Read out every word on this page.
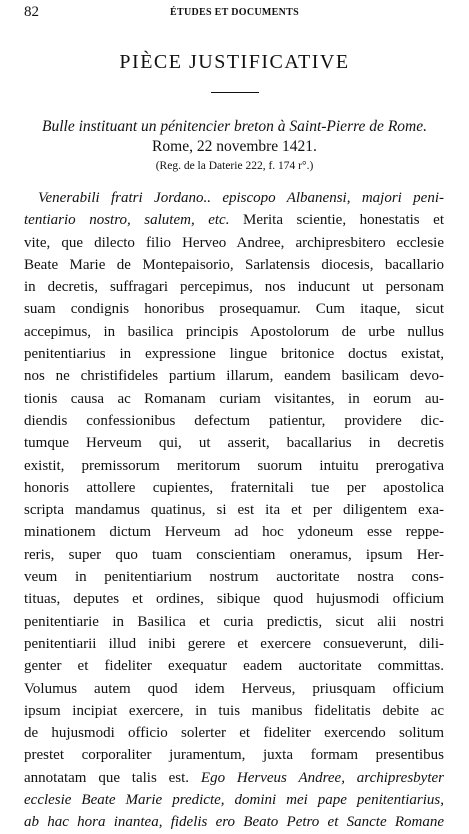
82	ÉTUDES ET DOCUMENTS
PIÈCE JUSTIFICATIVE
Bulle instituant un pénitencier breton à Saint-Pierre de Rome.
Rome, 22 novembre 1421.
(Reg. de la Daterie 222, f. 174 r°.)
Venerabili fratri Jordano.. episcopo Albanensi, majori peni-
tentiario nostro, salutem, etc. Merita scientie, honestatis et
vite, que dilecto filio Herveo Andree, archipresbitero ecclesie
Beate Marie de Montepaisorio, Sarlatensis diocesis, bacallario
in decretis, suffragari percepimus, nos inducunt ut personam
suam condignis honoribus prosequamur. Cum itaque, sicut
accepimus, in basilica principis Apostolorum de urbe nullus
penitentiarius in expressione lingue britonice doctus existat,
nos ne christifideles partium illarum, eandem basilicam devo-
tionis causa ac Romanam curiam visitantes, in eorum au-
diendis confessionibus defectum patientur, providere dic-
tumque Herveum qui, ut asserit, bacallarius in decretis
existit, premissorum meritorum suorum intuitu prerogativa
honoris attollere cupientes, fraternitali tue per apostolica
scripta mandamus quatinus, si est ita et per diligentem exa-
minationem dictum Herveum ad hoc ydoneum esse reppe-
reris, super quo tuam conscientiam oneramus, ipsum Her-
veum in penitentiarium nostrum auctoritate nostra cons-
tituas, deputes et ordines, sibique quod hujusmodi officium
penitentiarie in Basilica et curia predictis, sicut alii nostri
penitentiarii illud inibi gerere et exercere consueverunt, dili-
genter et fideliter exequatur eadem auctoritate committas.
Volumus autem quod idem Herveus, priusquam officium
ipsum incipiat exercere, in tuis manibus fidelitatis debite ac
de hujusmodi officio solerter et fideliter exercendo solitum
prestet corporaliter juramentum, juxta formam presentibus
annotatam que talis est. Ego Herveus Andree, archipresbyter
ecclesie Beate Marie predicte, domini mei pape penitentiarius,
ab hac hora inantea, fidelis ero Beato Petro et Sancte Romane
